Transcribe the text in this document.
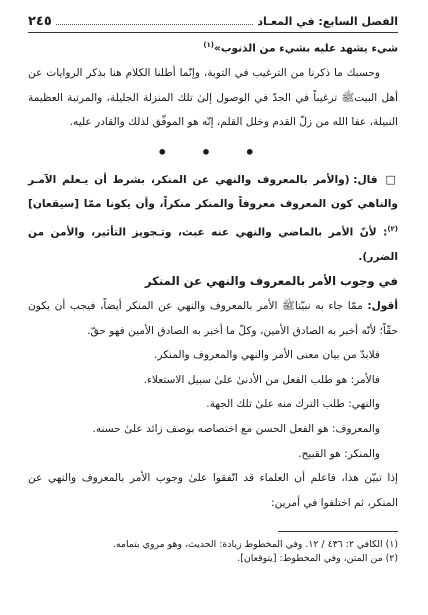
الفصل السابع: في المعـاد
٢٤٥

شيء يشهد عليه بشيء من الذنوب»$^{(١)}$

وحسبك ما ذكرنا من الترغيب في التوبة، وإنّما أطلنا الكلام هنا بذكر الروايات عن أهل البيتﷺ ترغيباً في الجدّ في الوصول إلىٰ تلك المنزلة الجليلة، والمرتبة العظيمة النبيلة، عفا الله من زلّ القدم وخلل القلم، إنّه هو الموفّق لذلك والقادر عليه.

• • •

□ قال: (والأمر بالمعروف والنهي عن المنكر، بشرط أن يـعلم الآمـر والناهي كون المعروف معروفاً والمنكر منكراً، وأن يكونا ممّا [سيقعان]$^{(٢)}$: لأنّ الأمر بالماضي والنهي عنه عبث، وتـجويز التأثير، والأمن من الضرر).

في وجوب الأمر بالمعروف والنهي عن المنكر

أقول: ممّا جاء به نبيّناﷺ الأمر بالمعروف والنهي عن المنكر أيضاً، فيجب أن يكون حقّاً؛ لأنّه أخبر به الصادق الأمين، وكلّ ما أخبر به الصادق الأمين فهو حقّ.

فلابدّ من بيان معنى الأمر والنهي والمعروف والمنكر.

فالأمر: هو طلب الفعل من الأدنىٰ علىٰ سبيل الاستعلاء.

والنهي: طلب الترك منه علىٰ تلك الجهة.

والمعروف: هو الفعل الحسن مع اختصاصه بوصف زائد علىٰ حسنه.

والمنكر: هو القبيح.

إذا تبيّن هذا، فاعلم أن العلماء قد اتّفقوا علىٰ وجوب الأمر بالمعروف والنهي عن المنكر، ثم اختلفوا في أمرين:

(١) الكافي ٢: ٤٣٦ / ١٢. وفي المخطوط زيادة: الحديث، وهو مروي بتمامه.

(٢) من المتن، وفي المخطوط: [يتوقعان].
